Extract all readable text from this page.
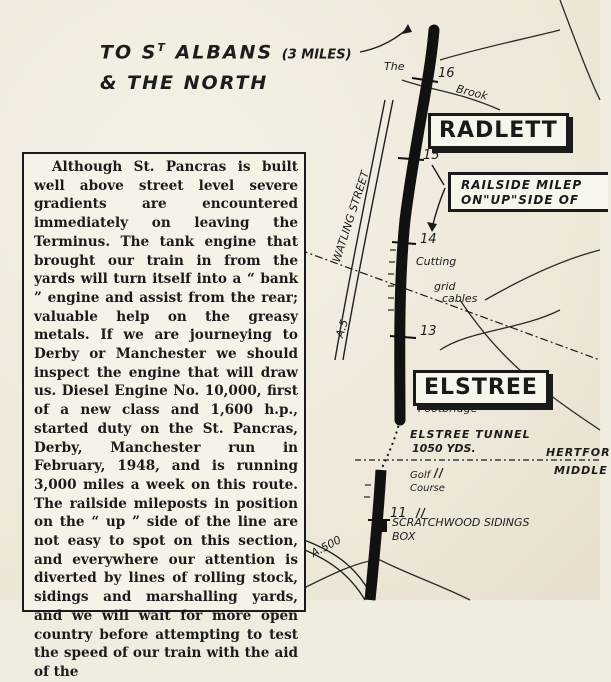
TO $S^T$ ALBANS (3 MILES)
& THE NORTH
RADLETT
ELSTREE
RAILSIDE MILEP
ON"UP"SIDE OF
16
15
14
13
11
The
Brook
WATLING STREET
A.5
Cutting
grid
cables
Footbridge
ELSTREE TUNNEL
1050 YDS.	HERTFOR
MIDDLE
Golf
Course
SCRATCHWOOD SIDINGS
BOX
A.500

Although St. Pancras is built well above street level severe gradients are encountered immediately on leaving the Terminus. The tank engine that brought our train in from the yards will turn itself into a “ bank ” engine and assist from the rear; valuable help on the greasy metals. If we are journeying to Derby or Manchester we should inspect the engine that will draw us. Diesel Engine No. 10,000, first of a new class and 1,600 h.p., started duty on the St. Pancras, Derby, Manchester run in February, 1948, and is running 3,000 miles a week on this route. The railside mileposts in position on the “ up ” side of the line are not easy to spot on this section, and everywhere our attention is diverted by lines of rolling stock, sidings and marshalling yards, and we will wait for more open country before attempting to test the speed of our train with the aid of the
